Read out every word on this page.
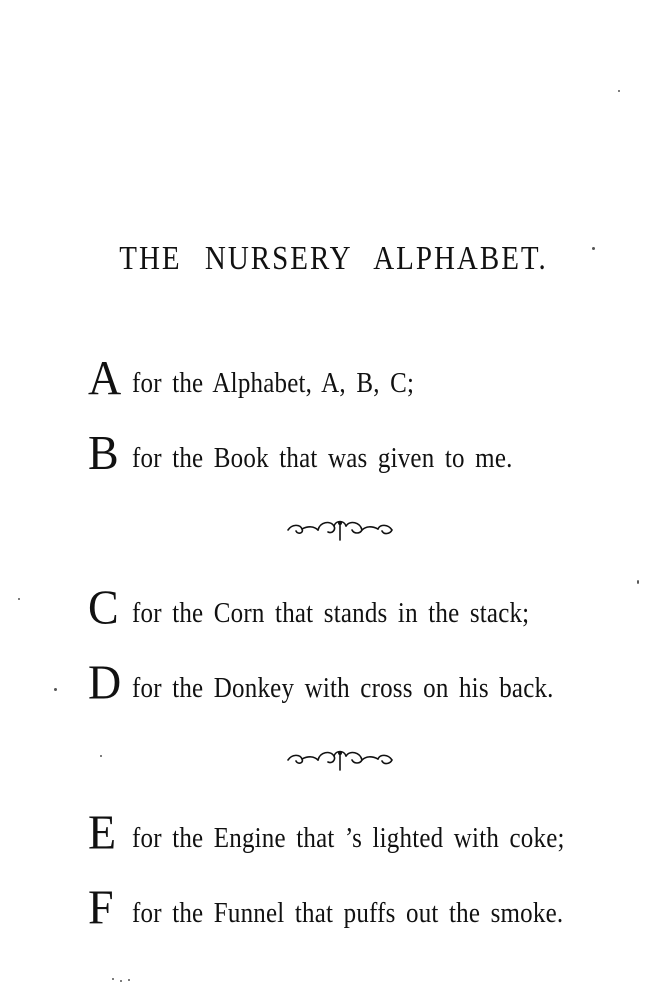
THE NURSERY ALPHABET.
A for the Alphabet, A, B, C;
B for the Book that was given to me.
C for the Corn that stands in the stack;
D for the Donkey with cross on his back.
E for the Engine that ’s lighted with coke;
F for the Funnel that puffs out the smoke.
